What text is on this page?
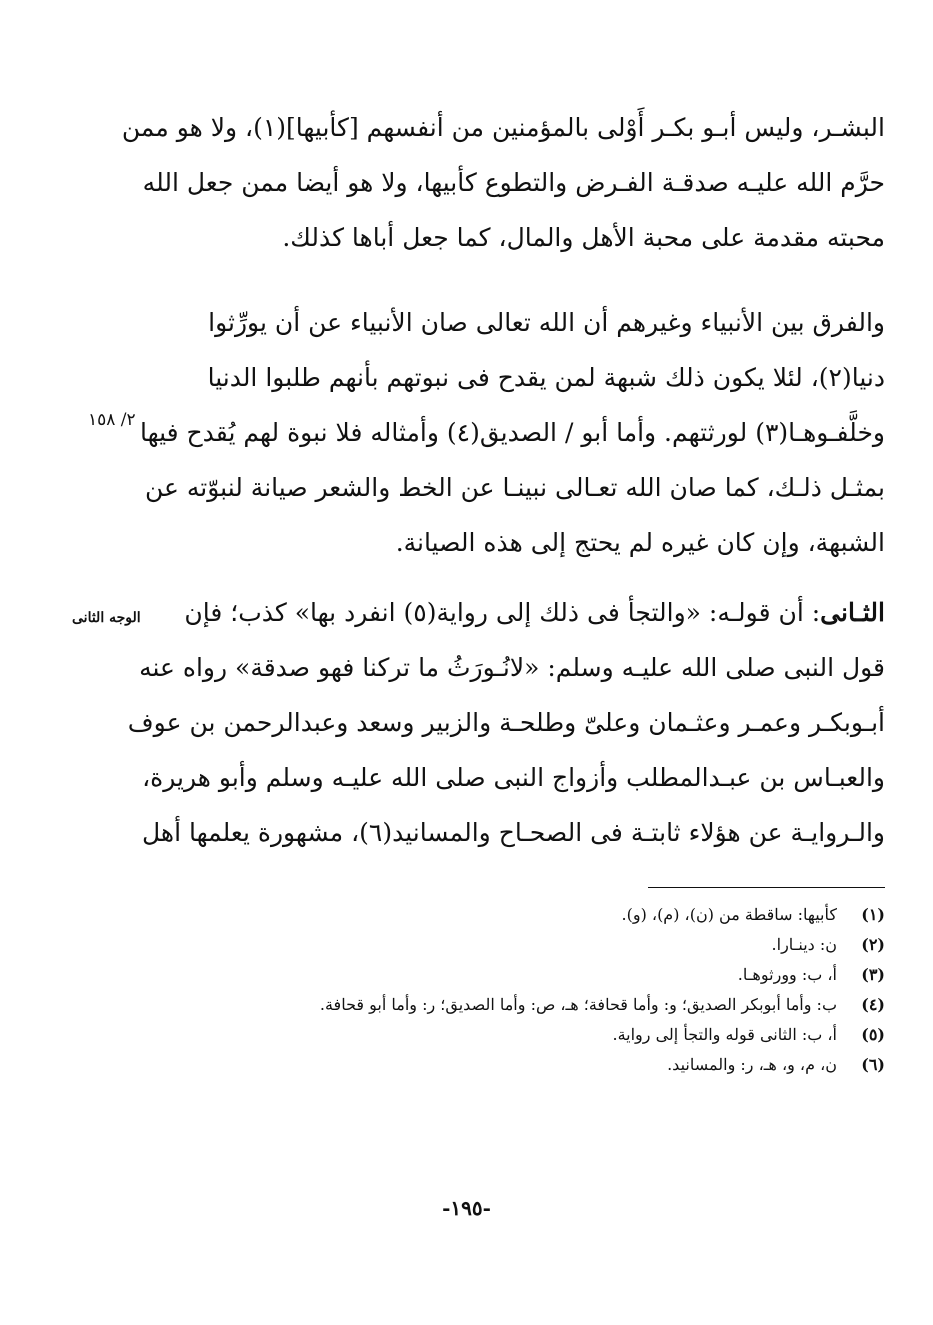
البشـر، وليس أبـو بكـر أَوْلى بالمؤمنين من أنفسهم [كأبيها](١)، ولا هو ممن
حرَّم الله عليـه صدقـة الفـرض والتطوع كأبيها، ولا هو أيضا ممن جعل الله
محبته مقدمة على محبة الأهل والمال، كما جعل أباها كذلك.
والفرق بين الأنبياء وغيرهم أن الله تعالى صان الأنبياء عن أن يورِّثوا
دنيا(٢)، لئلا يكون ذلك شبهة لمن يقدح فى نبوتهم بأنهم طلبوا الدنيا
وخلَّفـوهـا(٣) لورثتهم. وأما أبو / الصديق(٤) وأمثاله فلا نبوة لهم يُقدح فيها
بمثـل ذلـك، كما صان الله تعـالى نبينـا عن الخط والشعر صيانة لنبوّته عن
الشبهة، وإن كان غيره لم يحتج إلى هذه الصيانة.
الثـانى: أن قولـه: «والتجأ فى ذلك إلى رواية(٥) انفرد بها» كذب؛ فإن
قول النبى صلى الله عليـه وسلم: «لانُـورَثُ ما تركنا فهو صدقة» رواه عنه
أبـوبكـر وعمـر وعثـمان وعلىّ وطلحـة والزبير وسعد وعبدالرحمن بن عوف
والعبـاس بن عبـدالمطلب وأزواج النبى صلى الله عليـه وسلم وأبو هريرة،
والـروايـة عن هؤلاء ثابتـة فى الصحـاح والمسانيد(٦)، مشهورة يعلمها أهل
٢/ ١٥٨
الوجه الثانى
(١)
كأبيها: ساقطة من (ن)، (م)، (و).
(٢)
ن: دينـارا.
(٣)
أ، ب: وورثوهـا.
(٤)
ب: وأما أبوبكر الصديق؛ و: وأما قحافة؛ هـ، ص: وأما الصديق؛ ر: وأما أبو قحافة.
(٥)
أ، ب: الثانى قوله والتجأ إلى رواية.
(٦)
ن، م، و، هـ، ر: والمسانيد.
-١٩٥-
